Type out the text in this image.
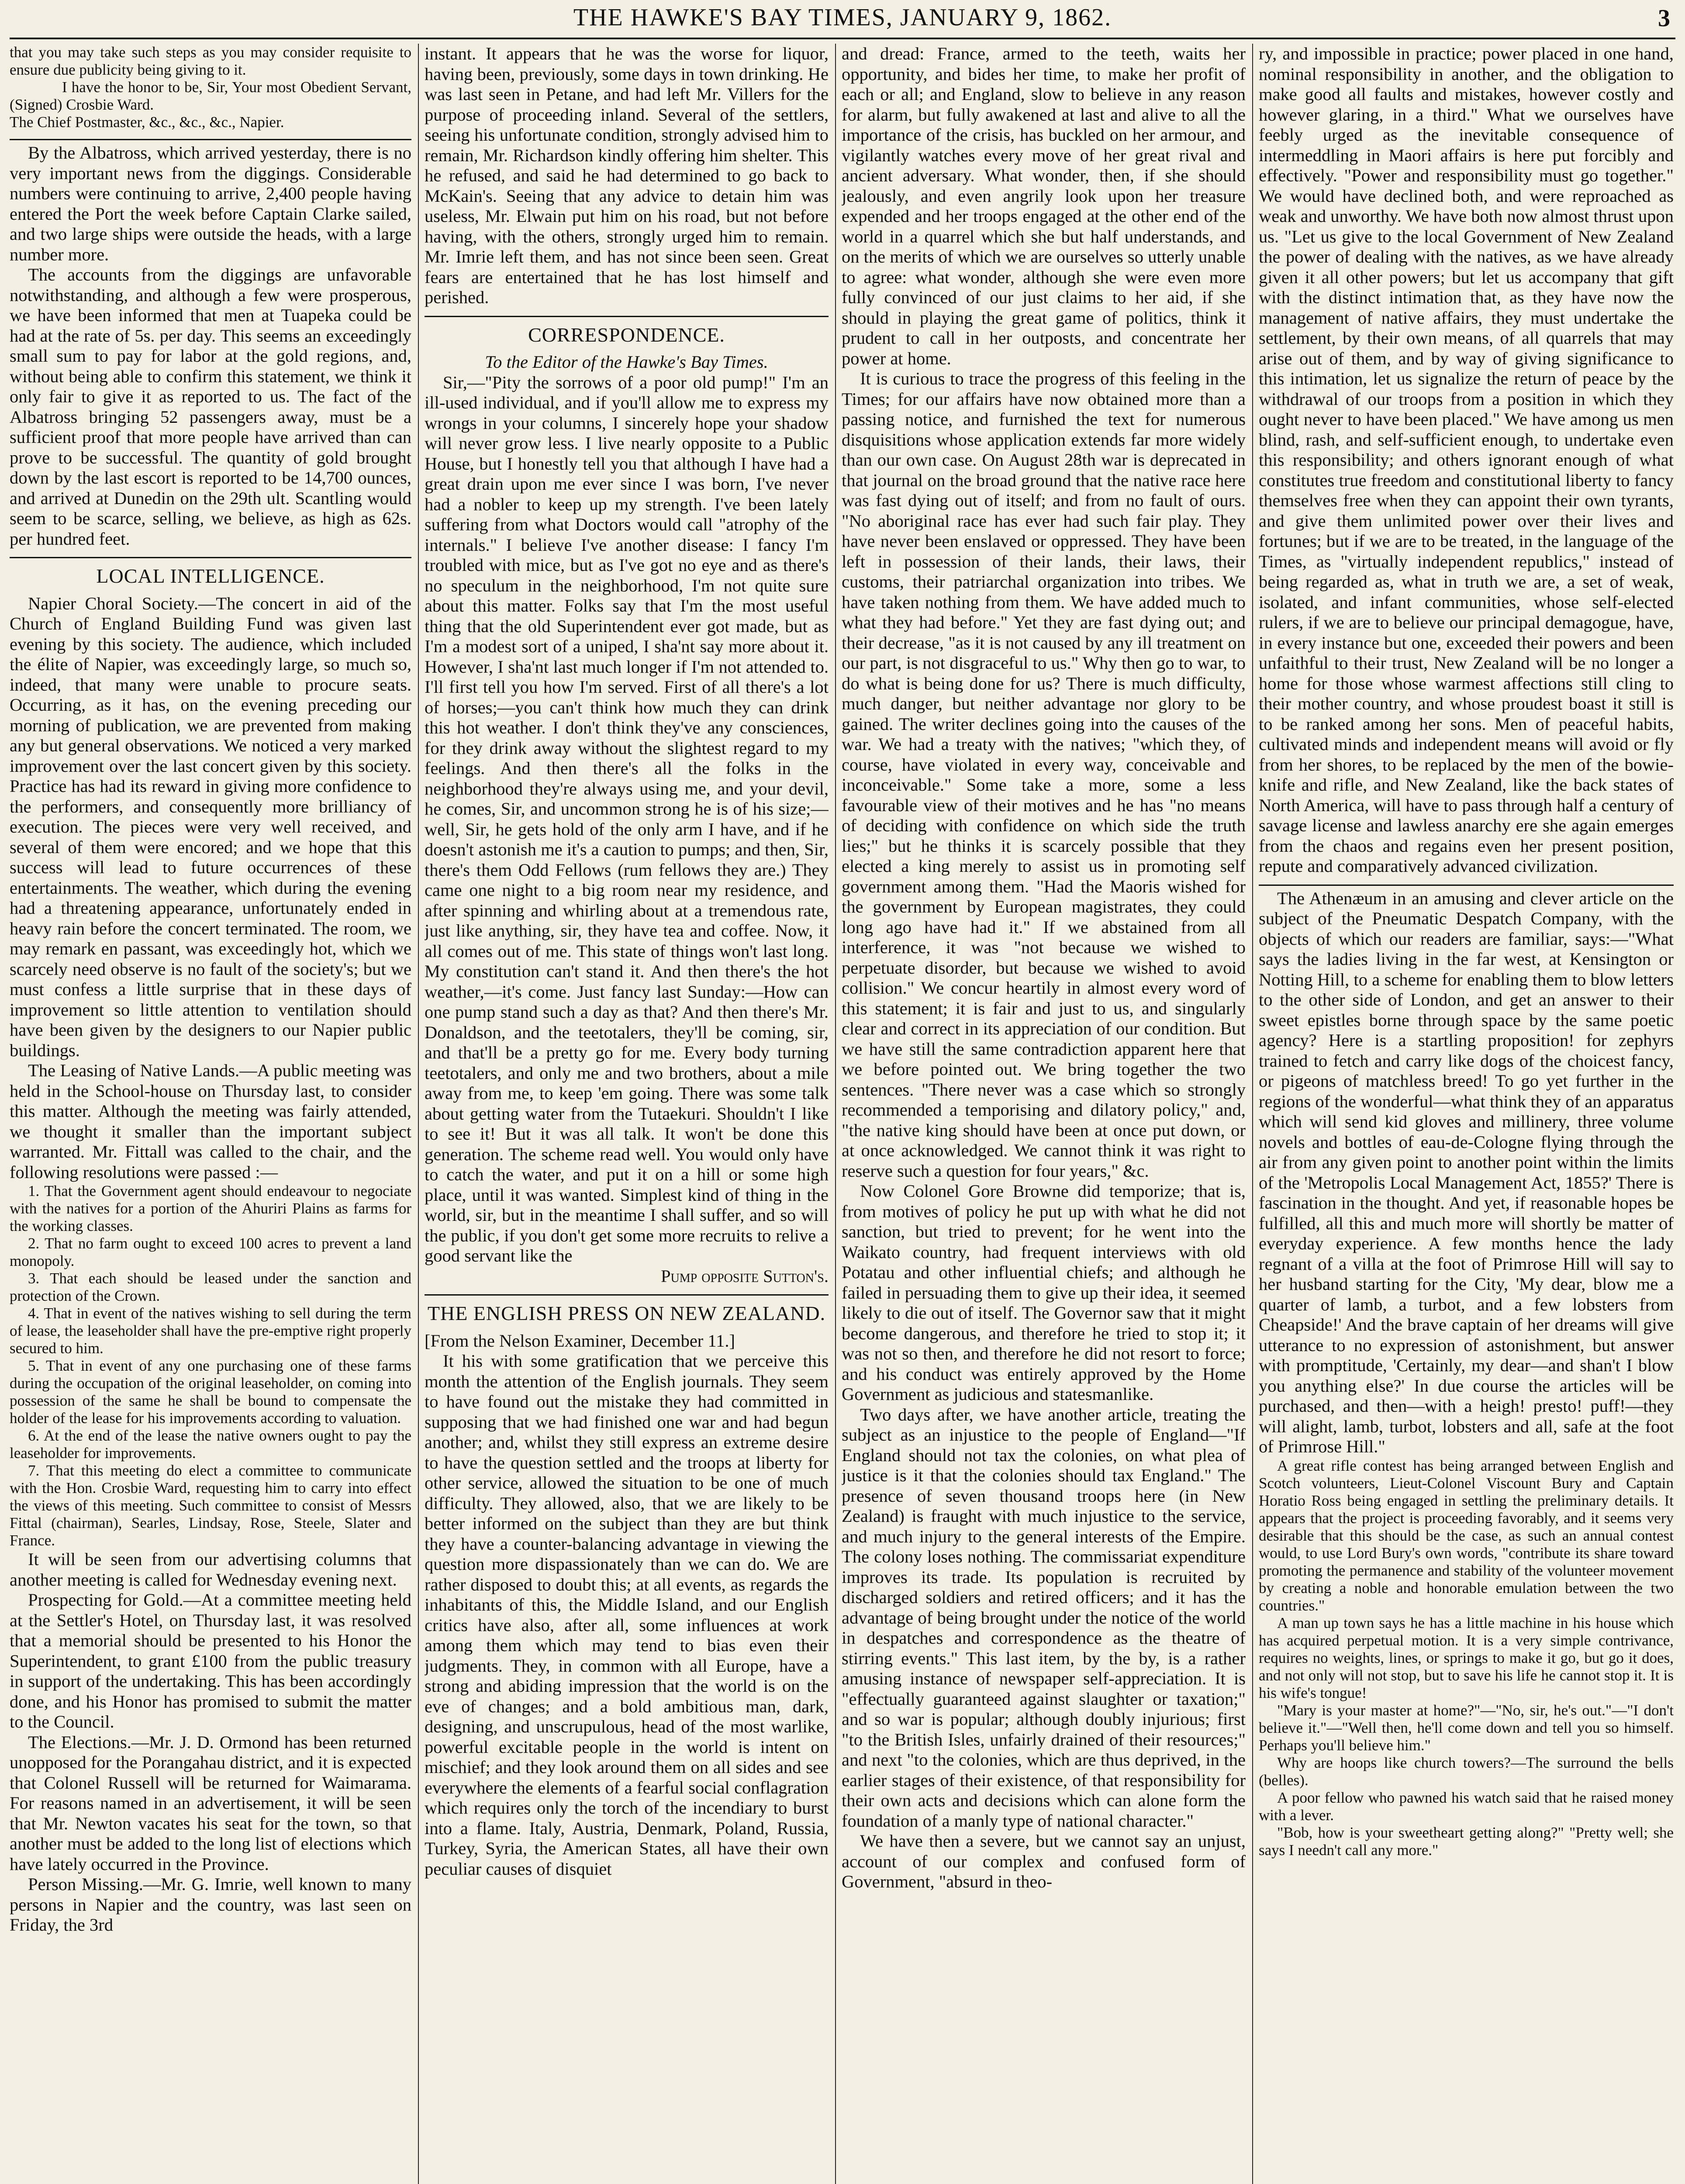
THE HAWKE'S BAY TIMES, JANUARY 9, 1862.	3

that you may take such steps as you may consider requisite to ensure due publicity being giving to it.

I have the honor to be, Sir, Your most Obedient Servant, (Signed) Crosbie Ward.

The Chief Postmaster, &c., &c., &c., Napier.

By the Albatross, which arrived yesterday, there is no very important news from the diggings. Considerable numbers were continuing to arrive, 2,400 people having entered the Port the week before Captain Clarke sailed, and two large ships were outside the heads, with a large number more.

The accounts from the diggings are unfavorable notwithstanding, and although a few were prosperous, we have been informed that men at Tuapeka could be had at the rate of 5s. per day. This seems an exceedingly small sum to pay for labor at the gold regions, and, without being able to confirm this statement, we think it only fair to give it as reported to us. The fact of the Albatross bringing 52 passengers away, must be a sufficient proof that more people have arrived than can prove to be successful. The quantity of gold brought down by the last escort is reported to be 14,700 ounces, and arrived at Dunedin on the 29th ult. Scantling would seem to be scarce, selling, we believe, as high as 62s. per hundred feet.

LOCAL INTELLIGENCE.

Napier Choral Society.—The concert in aid of the Church of England Building Fund was given last evening by this society. The audience, which included the élite of Napier, was exceedingly large, so much so, indeed, that many were unable to procure seats. Occurring, as it has, on the evening preceding our morning of publication, we are prevented from making any but general observations. We noticed a very marked improvement over the last concert given by this society. Practice has had its reward in giving more confidence to the performers, and consequently more brilliancy of execution. The pieces were very well received, and several of them were encored; and we hope that this success will lead to future occurrences of these entertainments. The weather, which during the evening had a threatening appearance, unfortunately ended in heavy rain before the concert terminated. The room, we may remark en passant, was exceedingly hot, which we scarcely need observe is no fault of the society's; but we must confess a little surprise that in these days of improvement so little attention to ventilation should have been given by the designers to our Napier public buildings.

The Leasing of Native Lands.—A public meeting was held in the School-house on Thursday last, to consider this matter. Although the meeting was fairly attended, we thought it smaller than the important subject warranted. Mr. Fittall was called to the chair, and the following resolutions were passed :—

1. That the Government agent should endeavour to negociate with the natives for a portion of the Ahuriri Plains as farms for the working classes.

2. That no farm ought to exceed 100 acres to prevent a land monopoly.

3. That each should be leased under the sanction and protection of the Crown.

4. That in event of the natives wishing to sell during the term of lease, the leaseholder shall have the pre-emptive right properly secured to him.

5. That in event of any one purchasing one of these farms during the occupation of the original leaseholder, on coming into possession of the same he shall be bound to compensate the holder of the lease for his improvements according to valuation.

6. At the end of the lease the native owners ought to pay the leaseholder for improvements.

7. That this meeting do elect a committee to communicate with the Hon. Crosbie Ward, requesting him to carry into effect the views of this meeting. Such committee to consist of Messrs Fittal (chairman), Searles, Lindsay, Rose, Steele, Slater and France.

It will be seen from our advertising columns that another meeting is called for Wednesday evening next.

Prospecting for Gold.—At a committee meeting held at the Settler's Hotel, on Thursday last, it was resolved that a memorial should be presented to his Honor the Superintendent, to grant £100 from the public treasury in support of the undertaking. This has been accordingly done, and his Honor has promised to submit the matter to the Council.

The Elections.—Mr. J. D. Ormond has been returned unopposed for the Porangahau district, and it is expected that Colonel Russell will be returned for Waimarama. For reasons named in an advertisement, it will be seen that Mr. Newton vacates his seat for the town, so that another must be added to the long list of elections which have lately occurred in the Province.

Person Missing.—Mr. G. Imrie, well known to many persons in Napier and the country, was last seen on Friday, the 3rd

instant. It appears that he was the worse for liquor, having been, previously, some days in town drinking. He was last seen in Petane, and had left Mr. Villers for the purpose of proceeding inland. Several of the settlers, seeing his unfortunate condition, strongly advised him to remain, Mr. Richardson kindly offering him shelter. This he refused, and said he had determined to go back to McKain's. Seeing that any advice to detain him was useless, Mr. Elwain put him on his road, but not before having, with the others, strongly urged him to remain. Mr. Imrie left them, and has not since been seen. Great fears are entertained that he has lost himself and perished.

CORRESPONDENCE.
To the Editor of the Hawke's Bay Times.

Sir,—"Pity the sorrows of a poor old pump!" I'm an ill-used individual, and if you'll allow me to express my wrongs in your columns, I sincerely hope your shadow will never grow less. I live nearly opposite to a Public House, but I honestly tell you that although I have had a great drain upon me ever since I was born, I've never had a nobler to keep up my strength. I've been lately suffering from what Doctors would call "atrophy of the internals." I believe I've another disease: I fancy I'm troubled with mice, but as I've got no eye and as there's no speculum in the neighborhood, I'm not quite sure about this matter. Folks say that I'm the most useful thing that the old Superintendent ever got made, but as I'm a modest sort of a uniped, I sha'nt say more about it. However, I sha'nt last much longer if I'm not attended to. I'll first tell you how I'm served. First of all there's a lot of horses;—you can't think how much they can drink this hot weather. I don't think they've any consciences, for they drink away without the slightest regard to my feelings. And then there's all the folks in the neighborhood they're always using me, and your devil, he comes, Sir, and uncommon strong he is of his size;—well, Sir, he gets hold of the only arm I have, and if he doesn't astonish me it's a caution to pumps; and then, Sir, there's them Odd Fellows (rum fellows they are.) They came one night to a big room near my residence, and after spinning and whirling about at a tremendous rate, just like anything, sir, they have tea and coffee. Now, it all comes out of me. This state of things won't last long. My constitution can't stand it. And then there's the hot weather,—it's come. Just fancy last Sunday:—How can one pump stand such a day as that? And then there's Mr. Donaldson, and the teetotalers, they'll be coming, sir, and that'll be a pretty go for me. Every body turning teetotalers, and only me and two brothers, about a mile away from me, to keep 'em going. There was some talk about getting water from the Tutaekuri. Shouldn't I like to see it! But it was all talk. It won't be done this generation. The scheme read well. You would only have to catch the water, and put it on a hill or some high place, until it was wanted. Simplest kind of thing in the world, sir, but in the meantime I shall suffer, and so will the public, if you don't get some more recruits to relive a good servant like the

Pump opposite Sutton's.

THE ENGLISH PRESS ON NEW ZEALAND.

[From the Nelson Examiner, December 11.]

It his with some gratification that we perceive this month the attention of the English journals. They seem to have found out the mistake they had committed in supposing that we had finished one war and had begun another; and, whilst they still express an extreme desire to have the question settled and the troops at liberty for other service, allowed the situation to be one of much difficulty. They allowed, also, that we are likely to be better informed on the subject than they are but think they have a counter-balancing advantage in viewing the question more dispassionately than we can do. We are rather disposed to doubt this; at all events, as regards the inhabitants of this, the Middle Island, and our English critics have also, after all, some influences at work among them which may tend to bias even their judgments. They, in common with all Europe, have a strong and abiding impression that the world is on the eve of changes; and a bold ambitious man, dark, designing, and unscrupulous, head of the most warlike, powerful excitable people in the world is intent on mischief; and they look around them on all sides and see everywhere the elements of a fearful social conflagration which requires only the torch of the incendiary to burst into a flame. Italy, Austria, Denmark, Poland, Russia, Turkey, Syria, the American States, all have their own peculiar causes of disquiet

and dread: France, armed to the teeth, waits her opportunity, and bides her time, to make her profit of each or all; and England, slow to believe in any reason for alarm, but fully awakened at last and alive to all the importance of the crisis, has buckled on her armour, and vigilantly watches every move of her great rival and ancient adversary. What wonder, then, if she should jealously, and even angrily look upon her treasure expended and her troops engaged at the other end of the world in a quarrel which she but half understands, and on the merits of which we are ourselves so utterly unable to agree: what wonder, although she were even more fully convinced of our just claims to her aid, if she should in playing the great game of politics, think it prudent to call in her outposts, and concentrate her power at home.

It is curious to trace the progress of this feeling in the Times; for our affairs have now obtained more than a passing notice, and furnished the text for numerous disquisitions whose application extends far more widely than our own case. On August 28th war is deprecated in that journal on the broad ground that the native race here was fast dying out of itself; and from no fault of ours. "No aboriginal race has ever had such fair play. They have never been enslaved or oppressed. They have been left in possession of their lands, their laws, their customs, their patriarchal organization into tribes. We have taken nothing from them. We have added much to what they had before." Yet they are fast dying out; and their decrease, "as it is not caused by any ill treatment on our part, is not disgraceful to us." Why then go to war, to do what is being done for us? There is much difficulty, much danger, but neither advantage nor glory to be gained. The writer declines going into the causes of the war. We had a treaty with the natives; "which they, of course, have violated in every way, conceivable and inconceivable." Some take a more, some a less favourable view of their motives and he has "no means of deciding with confidence on which side the truth lies;" but he thinks it is scarcely possible that they elected a king merely to assist us in promoting self government among them. "Had the Maoris wished for the government by European magistrates, they could long ago have had it." If we abstained from all interference, it was "not because we wished to perpetuate disorder, but because we wished to avoid collision." We concur heartily in almost every word of this statement; it is fair and just to us, and singularly clear and correct in its appreciation of our condition. But we have still the same contradiction apparent here that we before pointed out. We bring together the two sentences. "There never was a case which so strongly recommended a temporising and dilatory policy," and, "the native king should have been at once put down, or at once acknowledged. We cannot think it was right to reserve such a question for four years," &c.

Now Colonel Gore Browne did temporize; that is, from motives of policy he put up with what he did not sanction, but tried to prevent; for he went into the Waikato country, had frequent interviews with old Potatau and other influential chiefs; and although he failed in persuading them to give up their idea, it seemed likely to die out of itself. The Governor saw that it might become dangerous, and therefore he tried to stop it; it was not so then, and therefore he did not resort to force; and his conduct was entirely approved by the Home Government as judicious and statesmanlike.

Two days after, we have another article, treating the subject as an injustice to the people of England—"If England should not tax the colonies, on what plea of justice is it that the colonies should tax England." The presence of seven thousand troops here (in New Zealand) is fraught with much injustice to the service, and much injury to the general interests of the Empire. The colony loses nothing. The commissariat expenditure improves its trade. Its population is recruited by discharged soldiers and retired officers; and it has the advantage of being brought under the notice of the world in despatches and correspondence as the theatre of stirring events." This last item, by the by, is a rather amusing instance of newspaper self-appreciation. It is "effectually guaranteed against slaughter or taxation;" and so war is popular; although doubly injurious; first "to the British Isles, unfairly drained of their resources;" and next "to the colonies, which are thus deprived, in the earlier stages of their existence, of that responsibility for their own acts and decisions which can alone form the foundation of a manly type of national character."

We have then a severe, but we cannot say an unjust, account of our complex and confused form of Government, "absurd in theo-

ry, and impossible in practice; power placed in one hand, nominal responsibility in another, and the obligation to make good all faults and mistakes, however costly and however glaring, in a third." What we ourselves have feebly urged as the inevitable consequence of intermeddling in Maori affairs is here put forcibly and effectively. "Power and responsibility must go together." We would have declined both, and were reproached as weak and unworthy. We have both now almost thrust upon us. "Let us give to the local Government of New Zealand the power of dealing with the natives, as we have already given it all other powers; but let us accompany that gift with the distinct intimation that, as they have now the management of native affairs, they must undertake the settlement, by their own means, of all quarrels that may arise out of them, and by way of giving significance to this intimation, let us signalize the return of peace by the withdrawal of our troops from a position in which they ought never to have been placed." We have among us men blind, rash, and self-sufficient enough, to undertake even this responsibility; and others ignorant enough of what constitutes true freedom and constitutional liberty to fancy themselves free when they can appoint their own tyrants, and give them unlimited power over their lives and fortunes; but if we are to be treated, in the language of the Times, as "virtually independent republics," instead of being regarded as, what in truth we are, a set of weak, isolated, and infant communities, whose self-elected rulers, if we are to believe our principal demagogue, have, in every instance but one, exceeded their powers and been unfaithful to their trust, New Zealand will be no longer a home for those whose warmest affections still cling to their mother country, and whose proudest boast it still is to be ranked among her sons. Men of peaceful habits, cultivated minds and independent means will avoid or fly from her shores, to be replaced by the men of the bowie-knife and rifle, and New Zealand, like the back states of North America, will have to pass through half a century of savage license and lawless anarchy ere she again emerges from the chaos and regains even her present position, repute and comparatively advanced civilization.

The Athenæum in an amusing and clever article on the subject of the Pneumatic Despatch Company, with the objects of which our readers are familiar, says:—"What says the ladies living in the far west, at Kensington or Notting Hill, to a scheme for enabling them to blow letters to the other side of London, and get an answer to their sweet epistles borne through space by the same poetic agency? Here is a startling proposition! for zephyrs trained to fetch and carry like dogs of the choicest fancy, or pigeons of matchless breed! To go yet further in the regions of the wonderful—what think they of an apparatus which will send kid gloves and millinery, three volume novels and bottles of eau-de-Cologne flying through the air from any given point to another point within the limits of the 'Metropolis Local Management Act, 1855?' There is fascination in the thought. And yet, if reasonable hopes be fulfilled, all this and much more will shortly be matter of everyday experience. A few months hence the lady regnant of a villa at the foot of Primrose Hill will say to her husband starting for the City, 'My dear, blow me a quarter of lamb, a turbot, and a few lobsters from Cheapside!' And the brave captain of her dreams will give utterance to no expression of astonishment, but answer with promptitude, 'Certainly, my dear—and shan't I blow you anything else?' In due course the articles will be purchased, and then—with a heigh! presto! puff!—they will alight, lamb, turbot, lobsters and all, safe at the foot of Primrose Hill."

A great rifle contest has being arranged between English and Scotch volunteers, Lieut-Colonel Viscount Bury and Captain Horatio Ross being engaged in settling the preliminary details. It appears that the project is proceeding favorably, and it seems very desirable that this should be the case, as such an annual contest would, to use Lord Bury's own words, "contribute its share toward promoting the permanence and stability of the volunteer movement by creating a noble and honorable emulation between the two countries."

A man up town says he has a little machine in his house which has acquired perpetual motion. It is a very simple contrivance, requires no weights, lines, or springs to make it go, but go it does, and not only will not stop, but to save his life he cannot stop it. It is his wife's tongue!

"Mary is your master at home?"—"No, sir, he's out."—"I don't believe it."—"Well then, he'll come down and tell you so himself. Perhaps you'll believe him."

Why are hoops like church towers?—The surround the bells (belles).

A poor fellow who pawned his watch said that he raised money with a lever.

"Bob, how is your sweetheart getting along?" "Pretty well; she says I needn't call any more."
